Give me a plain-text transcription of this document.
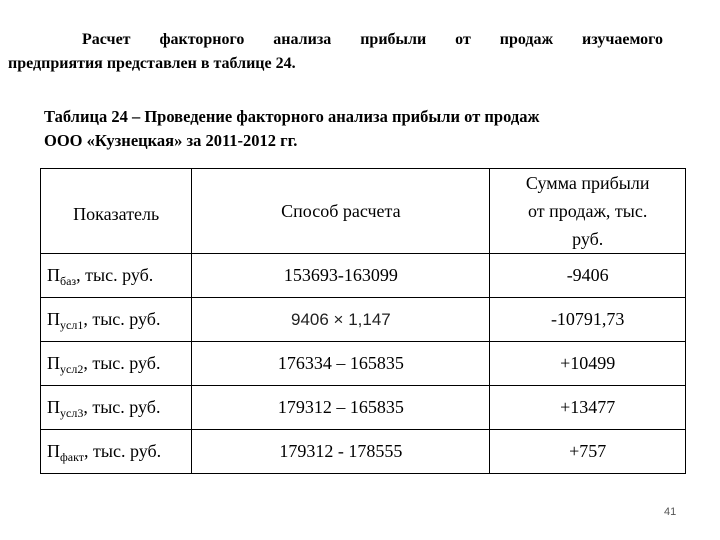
Расчет факторного анализа прибыли от продаж изучаемого
предприятия представлен в таблице 24.
Таблица 24 – Проведение факторного анализа прибыли от продаж
ООО «Кузнецкая» за 2011-2012 гг.
Показатель	Способ расчета	Сумма прибыли
от продаж, тыс.
руб.
$П_{баз}$, тыс. руб.	153693-163099	-9406
$П_{усл1}$, тыс. руб.	9406 × 1,147	-10791,73
$П_{усл2}$, тыс. руб.	176334 – 165835	+10499
$П_{усл3}$, тыс. руб.	179312 – 165835	+13477
$П_{факт}$, тыс. руб.	179312 - 178555	+757
41
